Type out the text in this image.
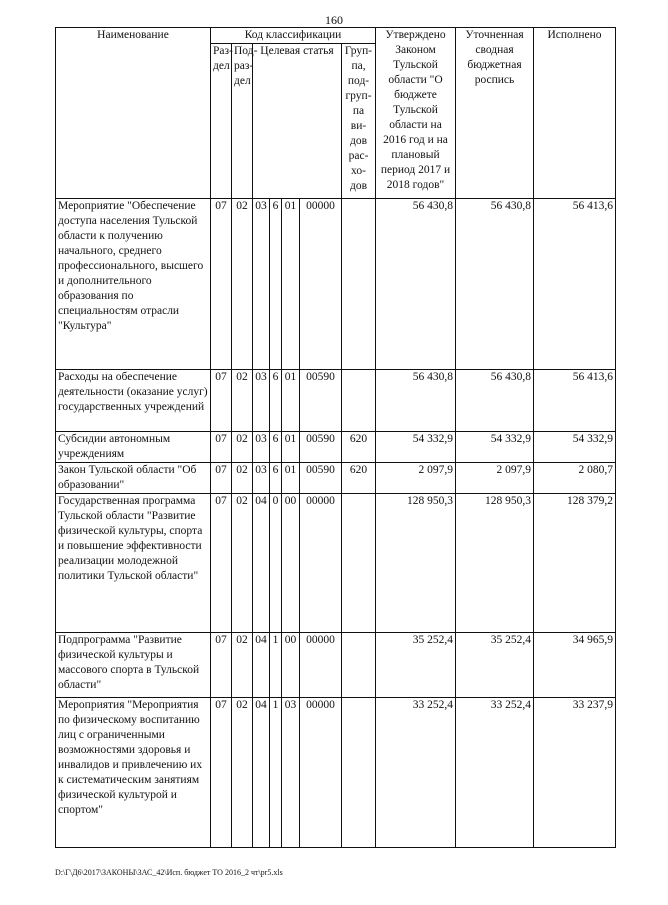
160
Наименование	Код классификации							Утверждено Законом Тульской области "О бюджете Тульской области на 2016 год и на плановый период 2017 и 2018 годов"	Уточненная сводная бюджетная роспись	Исполнено
	Раз-дел	Под-раз-дел	Целевая статья				Груп-па, под-груп-па ви-дов рас-хо-дов			
Мероприятие "Обеспечение доступа населения Тульской области к получению начального, среднего профессионального, высшего и дополнительного образования по специальностям отрасли "Культура"	07	02	03	6	01	00000		56 430,8	56 430,8	56 413,6
Расходы на обеспечение деятельности (оказание услуг) государственных учреждений	07	02	03	6	01	00590		56 430,8	56 430,8	56 413,6
Субсидии автономным учреждениям	07	02	03	6	01	00590	620	54 332,9	54 332,9	54 332,9
Закон Тульской области "Об образовании"	07	02	03	6	01	00590	620	2 097,9	2 097,9	2 080,7
Государственная программа Тульской области "Развитие физической культуры, спорта и повышение эффективности реализации молодежной политики Тульской области"	07	02	04	0	00	00000		128 950,3	128 950,3	128 379,2
Подпрограмма "Развитие физической культуры и массового спорта в Тульской области"	07	02	04	1	00	00000		35 252,4	35 252,4	34 965,9
Мероприятия "Мероприятия по физическому воспитанию лиц с ограниченными возможностями здоровья и инвалидов и привлечению их к систематическим занятиям физической культурой и спортом"	07	02	04	1	03	00000		33 252,4	33 252,4	33 237,9
D:\Г\Д6\2017\ЗАКОНЫ\ЗАС_42\Исп. бюджет ТО 2016_2 чт\pr5.xls
